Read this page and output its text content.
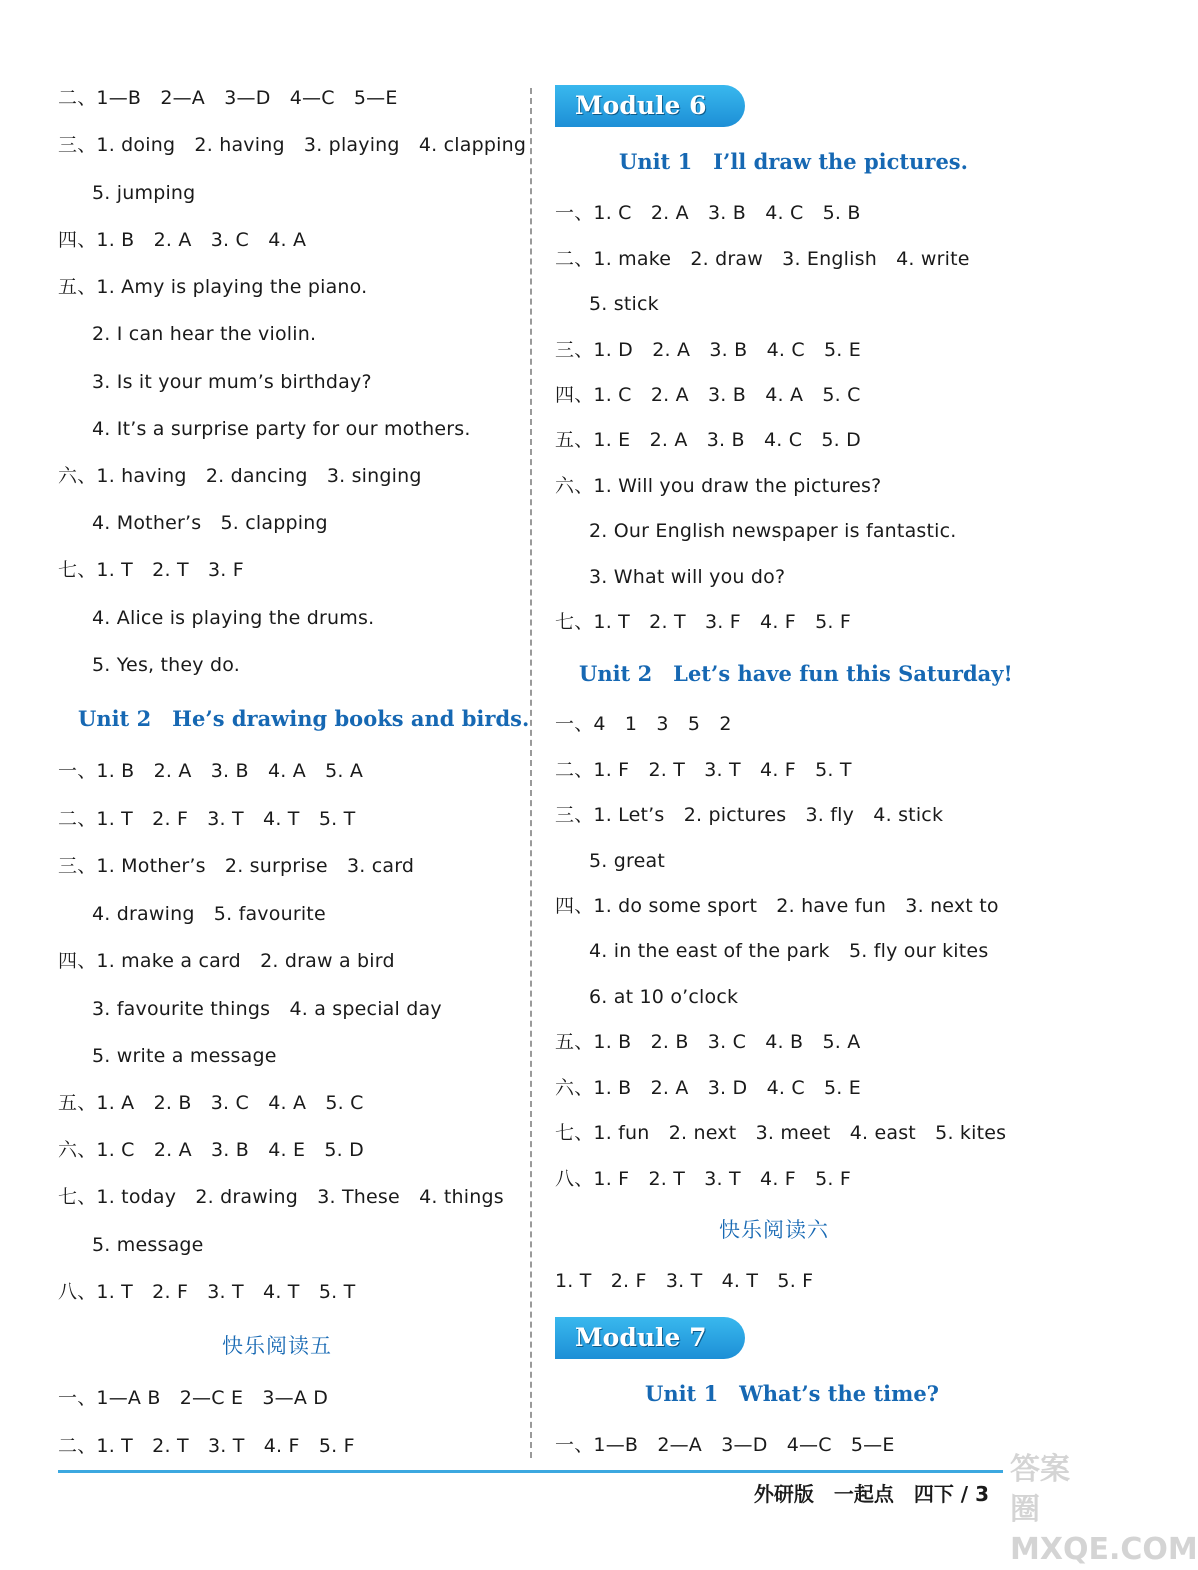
二、1—B　2—A　3—D　4—C　5—E
三、1. doing　2. having　3. playing　4. clapping
5. jumping
四、1. B　2. A　3. C　4. A
五、1. Amy is playing the piano.
2. I can hear the violin.
3. Is it your mum’s birthday?
4. It’s a surprise party for our mothers.
六、1. having　2. dancing　3. singing
4. Mother’s　5. clapping
七、1. T　2. T　3. F
4. Alice is playing the drums.
5. Yes, they do.
Unit 2　He’s drawing books and birds.
一、1. B　2. A　3. B　4. A　5. A
二、1. T　2. F　3. T　4. T　5. T
三、1. Mother’s　2. surprise　3. card
4. drawing　5. favourite
四、1. make a card　2. draw a bird
3. favourite things　4. a special day
5. write a message
五、1. A　2. B　3. C　4. A　5. C
六、1. C　2. A　3. B　4. E　5. D
七、1. today　2. drawing　3. These　4. things
5. message
八、1. T　2. F　3. T　4. T　5. T
快乐阅读五
一、1—A B　2—C E　3—A D
二、1. T　2. T　3. T　4. F　5. F
Module 6
Unit 1　I’ll draw the pictures.
一、1. C　2. A　3. B　4. C　5. B
二、1. make　2. draw　3. English　4. write
5. stick
三、1. D　2. A　3. B　4. C　5. E
四、1. C　2. A　3. B　4. A　5. C
五、1. E　2. A　3. B　4. C　5. D
六、1. Will you draw the pictures?
2. Our English newspaper is fantastic.
3. What will you do?
七、1. T　2. T　3. F　4. F　5. F
Unit 2　Let’s have fun this Saturday!
一、4　1　3　5　2
二、1. F　2. T　3. T　4. F　5. T
三、1. Let’s　2. pictures　3. fly　4. stick
5. great
四、1. do some sport　2. have fun　3. next to
4. in the east of the park　5. fly our kites
6. at 10 o’clock
五、1. B　2. B　3. C　4. B　5. A
六、1. B　2. A　3. D　4. C　5. E
七、1. fun　2. next　3. meet　4. east　5. kites
八、1. F　2. T　3. T　4. F　5. F
快乐阅读六
1. T　2. F　3. T　4. T　5. F
Module 7
Unit 1　What’s the time?
一、1—B　2—A　3—D　4—C　5—E
外研版　一起点　四下 / 3
答案圈 MXQE.COM
